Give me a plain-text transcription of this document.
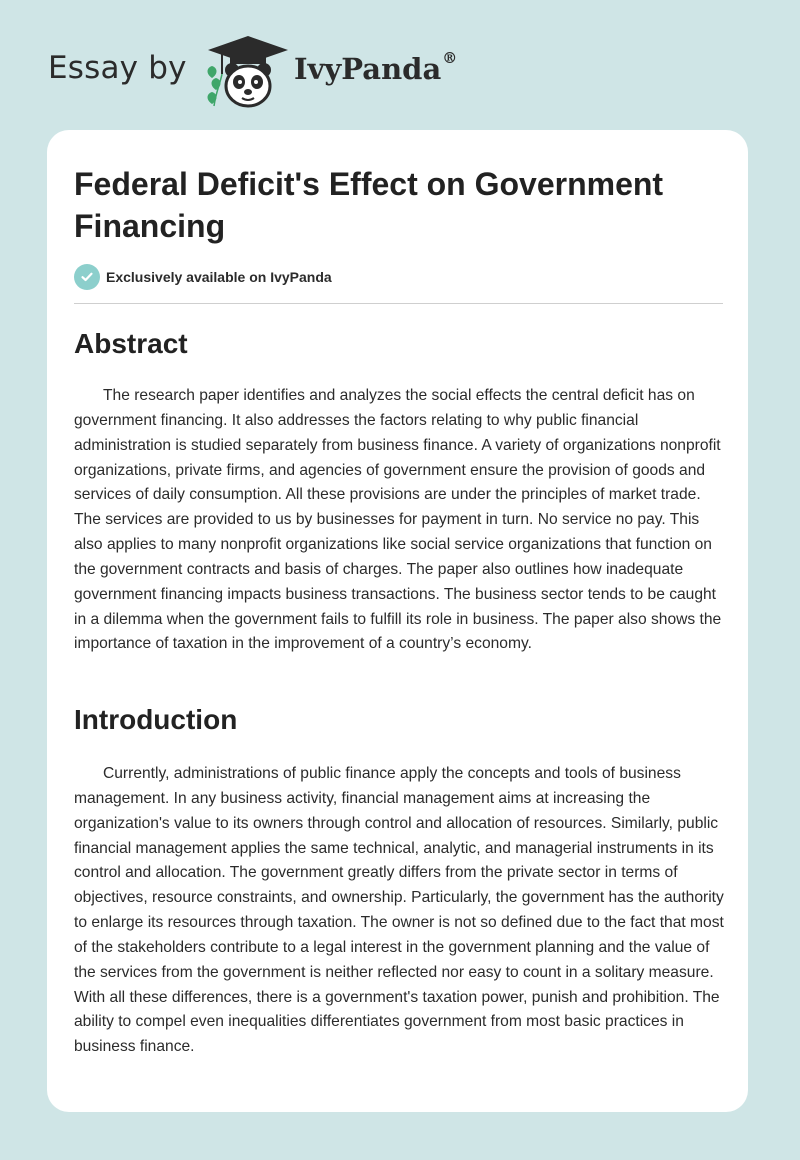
Essay by	IvyPanda®
Federal Deficit's Effect on Government Financing
Exclusively available on IvyPanda
Abstract

The research paper identifies and analyzes the social effects the central deficit has on government financing. It also addresses the factors relating to why public financial administration is studied separately from business finance. A variety of organizations nonprofit organizations, private firms, and agencies of government ensure the provision of goods and services of daily consumption. All these provisions are under the principles of market trade. The services are provided to us by businesses for payment in turn. No service no pay. This also applies to many nonprofit organizations like social service organizations that function on the government contracts and basis of charges. The paper also outlines how inadequate government financing impacts business transactions. The business sector tends to be caught in a dilemma when the government fails to fulfill its role in business. The paper also shows the importance of taxation in the improvement of a country’s economy.

Introduction

Currently, administrations of public finance apply the concepts and tools of business management. In any business activity, financial management aims at increasing the organization's value to its owners through control and allocation of resources. Similarly, public financial management applies the same technical, analytic, and managerial instruments in its control and allocation. The government greatly differs from the private sector in terms of objectives, resource constraints, and ownership. Particularly, the government has the authority to enlarge its resources through taxation. The owner is not so defined due to the fact that most of the stakeholders contribute to a legal interest in the government planning and the value of the services from the government is neither reflected nor easy to count in a solitary measure. With all these differences, there is a government's taxation power, punish and prohibition. The ability to compel even inequalities differentiates government from most basic practices in business finance.
